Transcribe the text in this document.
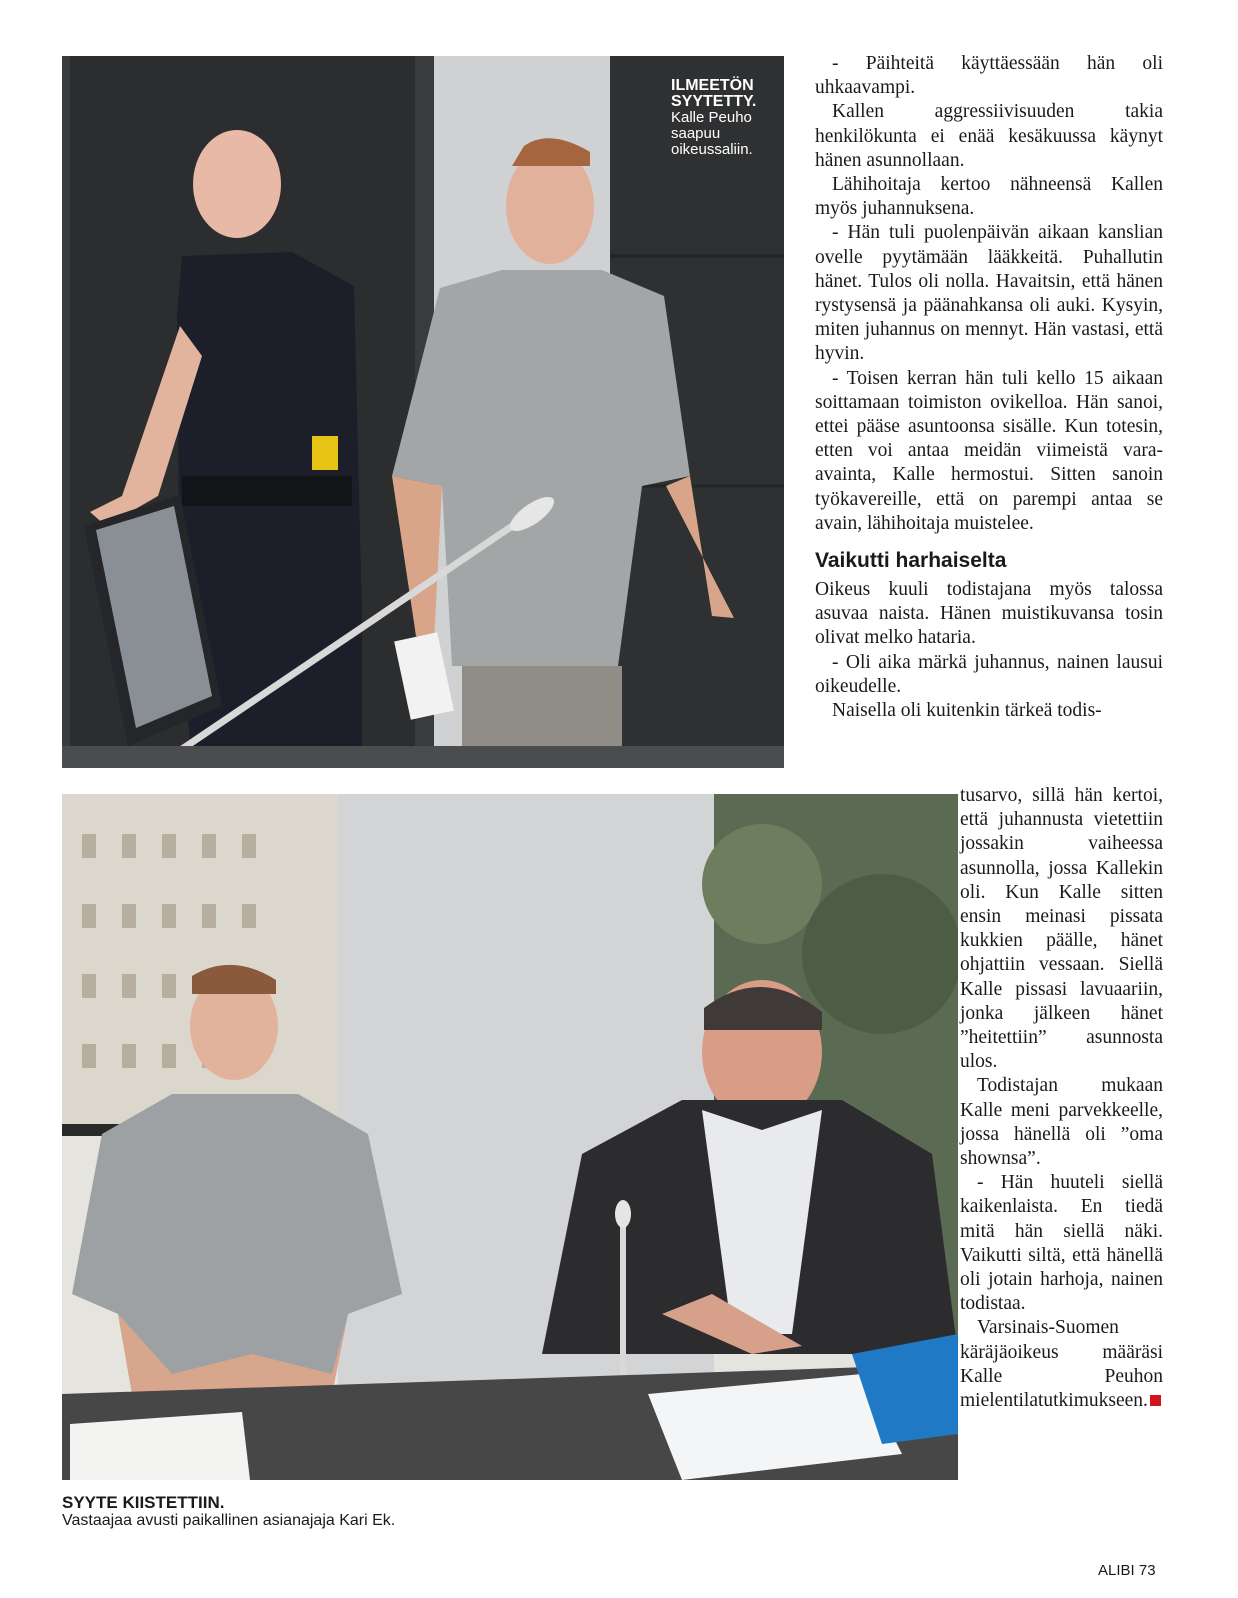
ILMEETÖN SYYTETTY.
Kalle Peuho saapuu oikeussaliin.
SYYTE KIISTETTIIN.
Vastaajaa avusti paikallinen asianajaja Kari Ek.

- Päihteitä käyttäessään hän oli uhkaavampi.

Kallen aggressiivisuuden takia henkilökunta ei enää kesäkuussa käynyt hänen asunnollaan.

Lähihoitaja kertoo nähneensä Kallen myös juhannuksena.

- Hän tuli puolenpäivän aikaan kanslian ovelle pyytämään lääkkeitä. Puhallutin hänet. Tulos oli nolla. Havaitsin, että hänen rystysensä ja päänahkansa oli auki. Kysyin, miten juhannus on mennyt. Hän vastasi, että hyvin.

- Toisen kerran hän tuli kello 15 aikaan soittamaan toimiston ovikelloa. Hän sanoi, ettei pääse asuntoonsa sisälle. Kun totesin, etten voi antaa meidän viimeistä vara-avainta, Kalle hermostui. Sitten sanoin työkavereille, että on parempi antaa se avain, lähihoitaja muistelee.

Vaikutti harhaiselta

Oikeus kuuli todistajana myös talossa asuvaa naista. Hänen muistikuvansa tosin olivat melko hataria.

- Oli aika märkä juhannus, nainen lausui oikeudelle.

Naisella oli kuitenkin tärkeä todis-

tusarvo, sillä hän kertoi, että juhannusta vietettiin jossakin vaiheessa asunnolla, jossa Kallekin oli. Kun Kalle sitten ensin meinasi pissata kukkien päälle, hänet ohjattiin vessaan. Siellä Kalle pissasi lavuaariin, jonka jälkeen hänet ”heitettiin” asunnosta ulos.

Todistajan mukaan Kalle meni parvekkeelle, jossa hänellä oli ”oma shownsa”.

- Hän huuteli siellä kaikenlaista. En tiedä mitä hän siellä näki. Vaikutti siltä, että hänellä oli jotain harhoja, nainen todistaa.

Varsinais-Suomen käräjäoikeus määräsi Kalle Peuhon mielentilatutkimukseen.

ALIBI 73
